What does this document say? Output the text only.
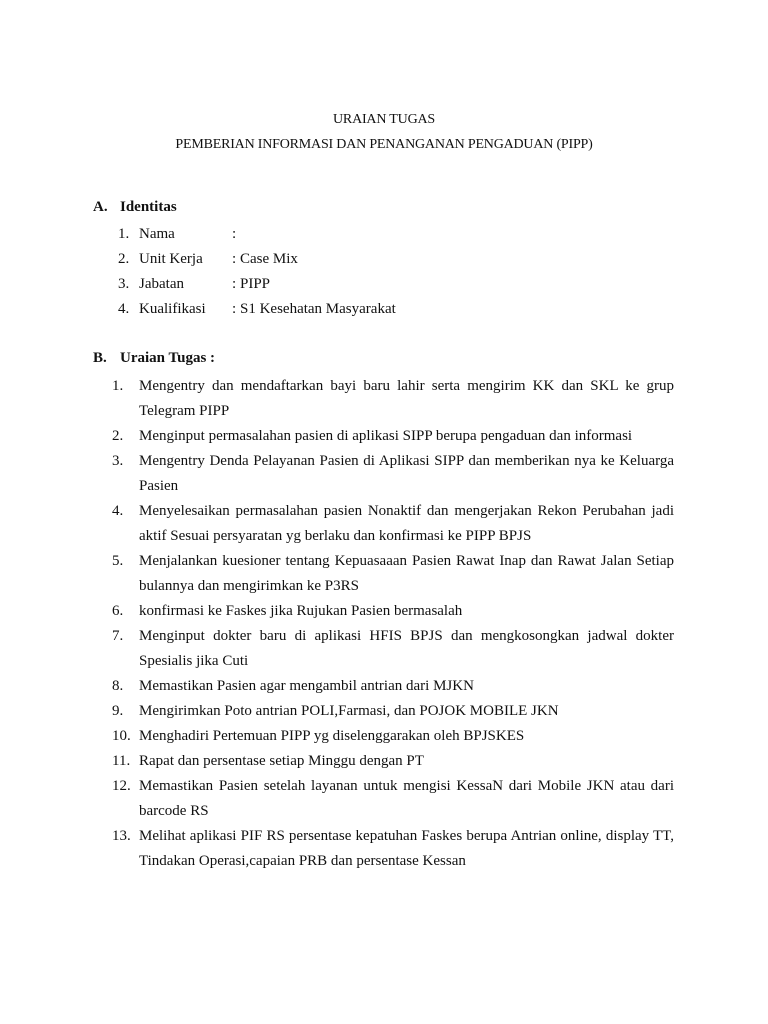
URAIAN TUGAS
PEMBERIAN INFORMASI DAN PENANGANAN PENGADUAN (PIPP)
A. Identitas
1. Nama	:
2. Unit Kerja : Case Mix
3. Jabatan	: PIPP
4. Kualifikasi : S1 Kesehatan Masyarakat
B. Uraian Tugas :
1. Mengentry dan mendaftarkan bayi baru lahir serta mengirim KK dan SKL ke grup Telegram PIPP
2. Menginput permasalahan pasien di aplikasi SIPP berupa pengaduan dan informasi
3. Mengentry Denda Pelayanan Pasien di Aplikasi SIPP dan memberikan nya ke Keluarga Pasien
4. Menyelesaikan permasalahan pasien Nonaktif dan mengerjakan Rekon Perubahan jadi aktif Sesuai persyaratan yg berlaku dan konfirmasi ke PIPP BPJS
5. Menjalankan kuesioner tentang Kepuasaaan Pasien Rawat Inap dan Rawat Jalan Setiap bulannya dan mengirimkan ke P3RS
6. konfirmasi ke Faskes jika Rujukan Pasien bermasalah
7. Menginput dokter baru di aplikasi HFIS BPJS dan mengkosongkan jadwal dokter Spesialis jika Cuti
8. Memastikan Pasien agar mengambil antrian dari MJKN
9. Mengirimkan Poto antrian POLI,Farmasi, dan POJOK MOBILE JKN
10. Menghadiri Pertemuan PIPP yg diselenggarakan oleh BPJSKES
11. Rapat dan persentase setiap Minggu dengan PT
12. Memastikan Pasien setelah layanan untuk mengisi KessaN dari Mobile JKN atau dari barcode RS
13. Melihat aplikasi PIF RS persentase kepatuhan Faskes berupa Antrian online, display TT, Tindakan Operasi,capaian PRB dan persentase Kessan
